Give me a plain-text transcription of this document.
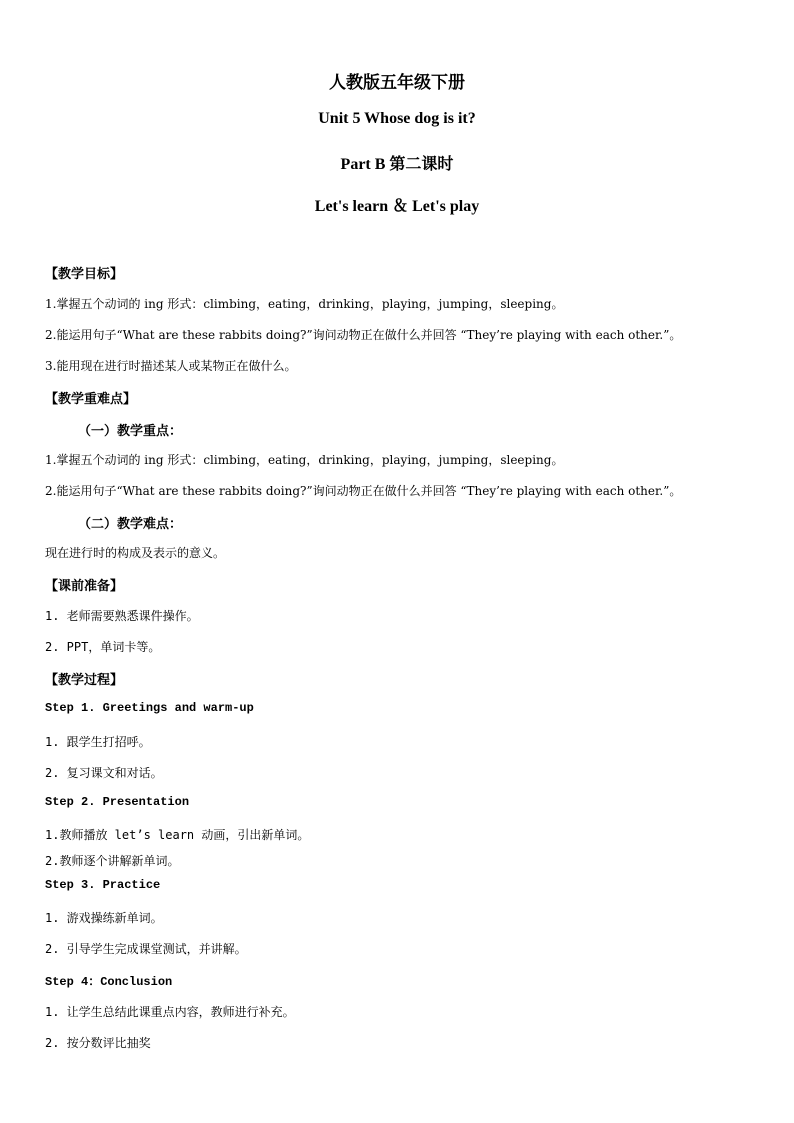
人教版五年级下册
Unit 5 Whose dog is it?
Part B 第二课时
Let's learn ＆ Let's play
【教学目标】
1.掌握五个动词的 ing 形式：climbing，eating，drinking，playing，jumping，sleeping。
2.能运用句子“What are these rabbits doing?”询问动物正在做什么并回答 “They’re playing with each other.”。
3.能用现在进行时描述某人或某物正在做什么。
【教学重难点】
（一）教学重点：
1.掌握五个动词的 ing 形式：climbing，eating，drinking，playing，jumping，sleeping。
2.能运用句子“What are these rabbits doing?”询问动物正在做什么并回答 “They’re playing with each other.”。
（二）教学难点：
现在进行时的构成及表示的意义。
【课前准备】
1. 老师需要熟悉课件操作。
2. PPT，单词卡等。
【教学过程】
Step 1. Greetings and warm-up
1. 跟学生打招呼。
2. 复习课文和对话。
Step 2. Presentation
1.教师播放 let’s learn 动画，引出新单词。
2.教师逐个讲解新单词。
Step 3. Practice
1. 游戏操练新单词。
2. 引导学生完成课堂测试，并讲解。
Step 4：Conclusion
1. 让学生总结此课重点内容，教师进行补充。
2. 按分数评比抽奖
